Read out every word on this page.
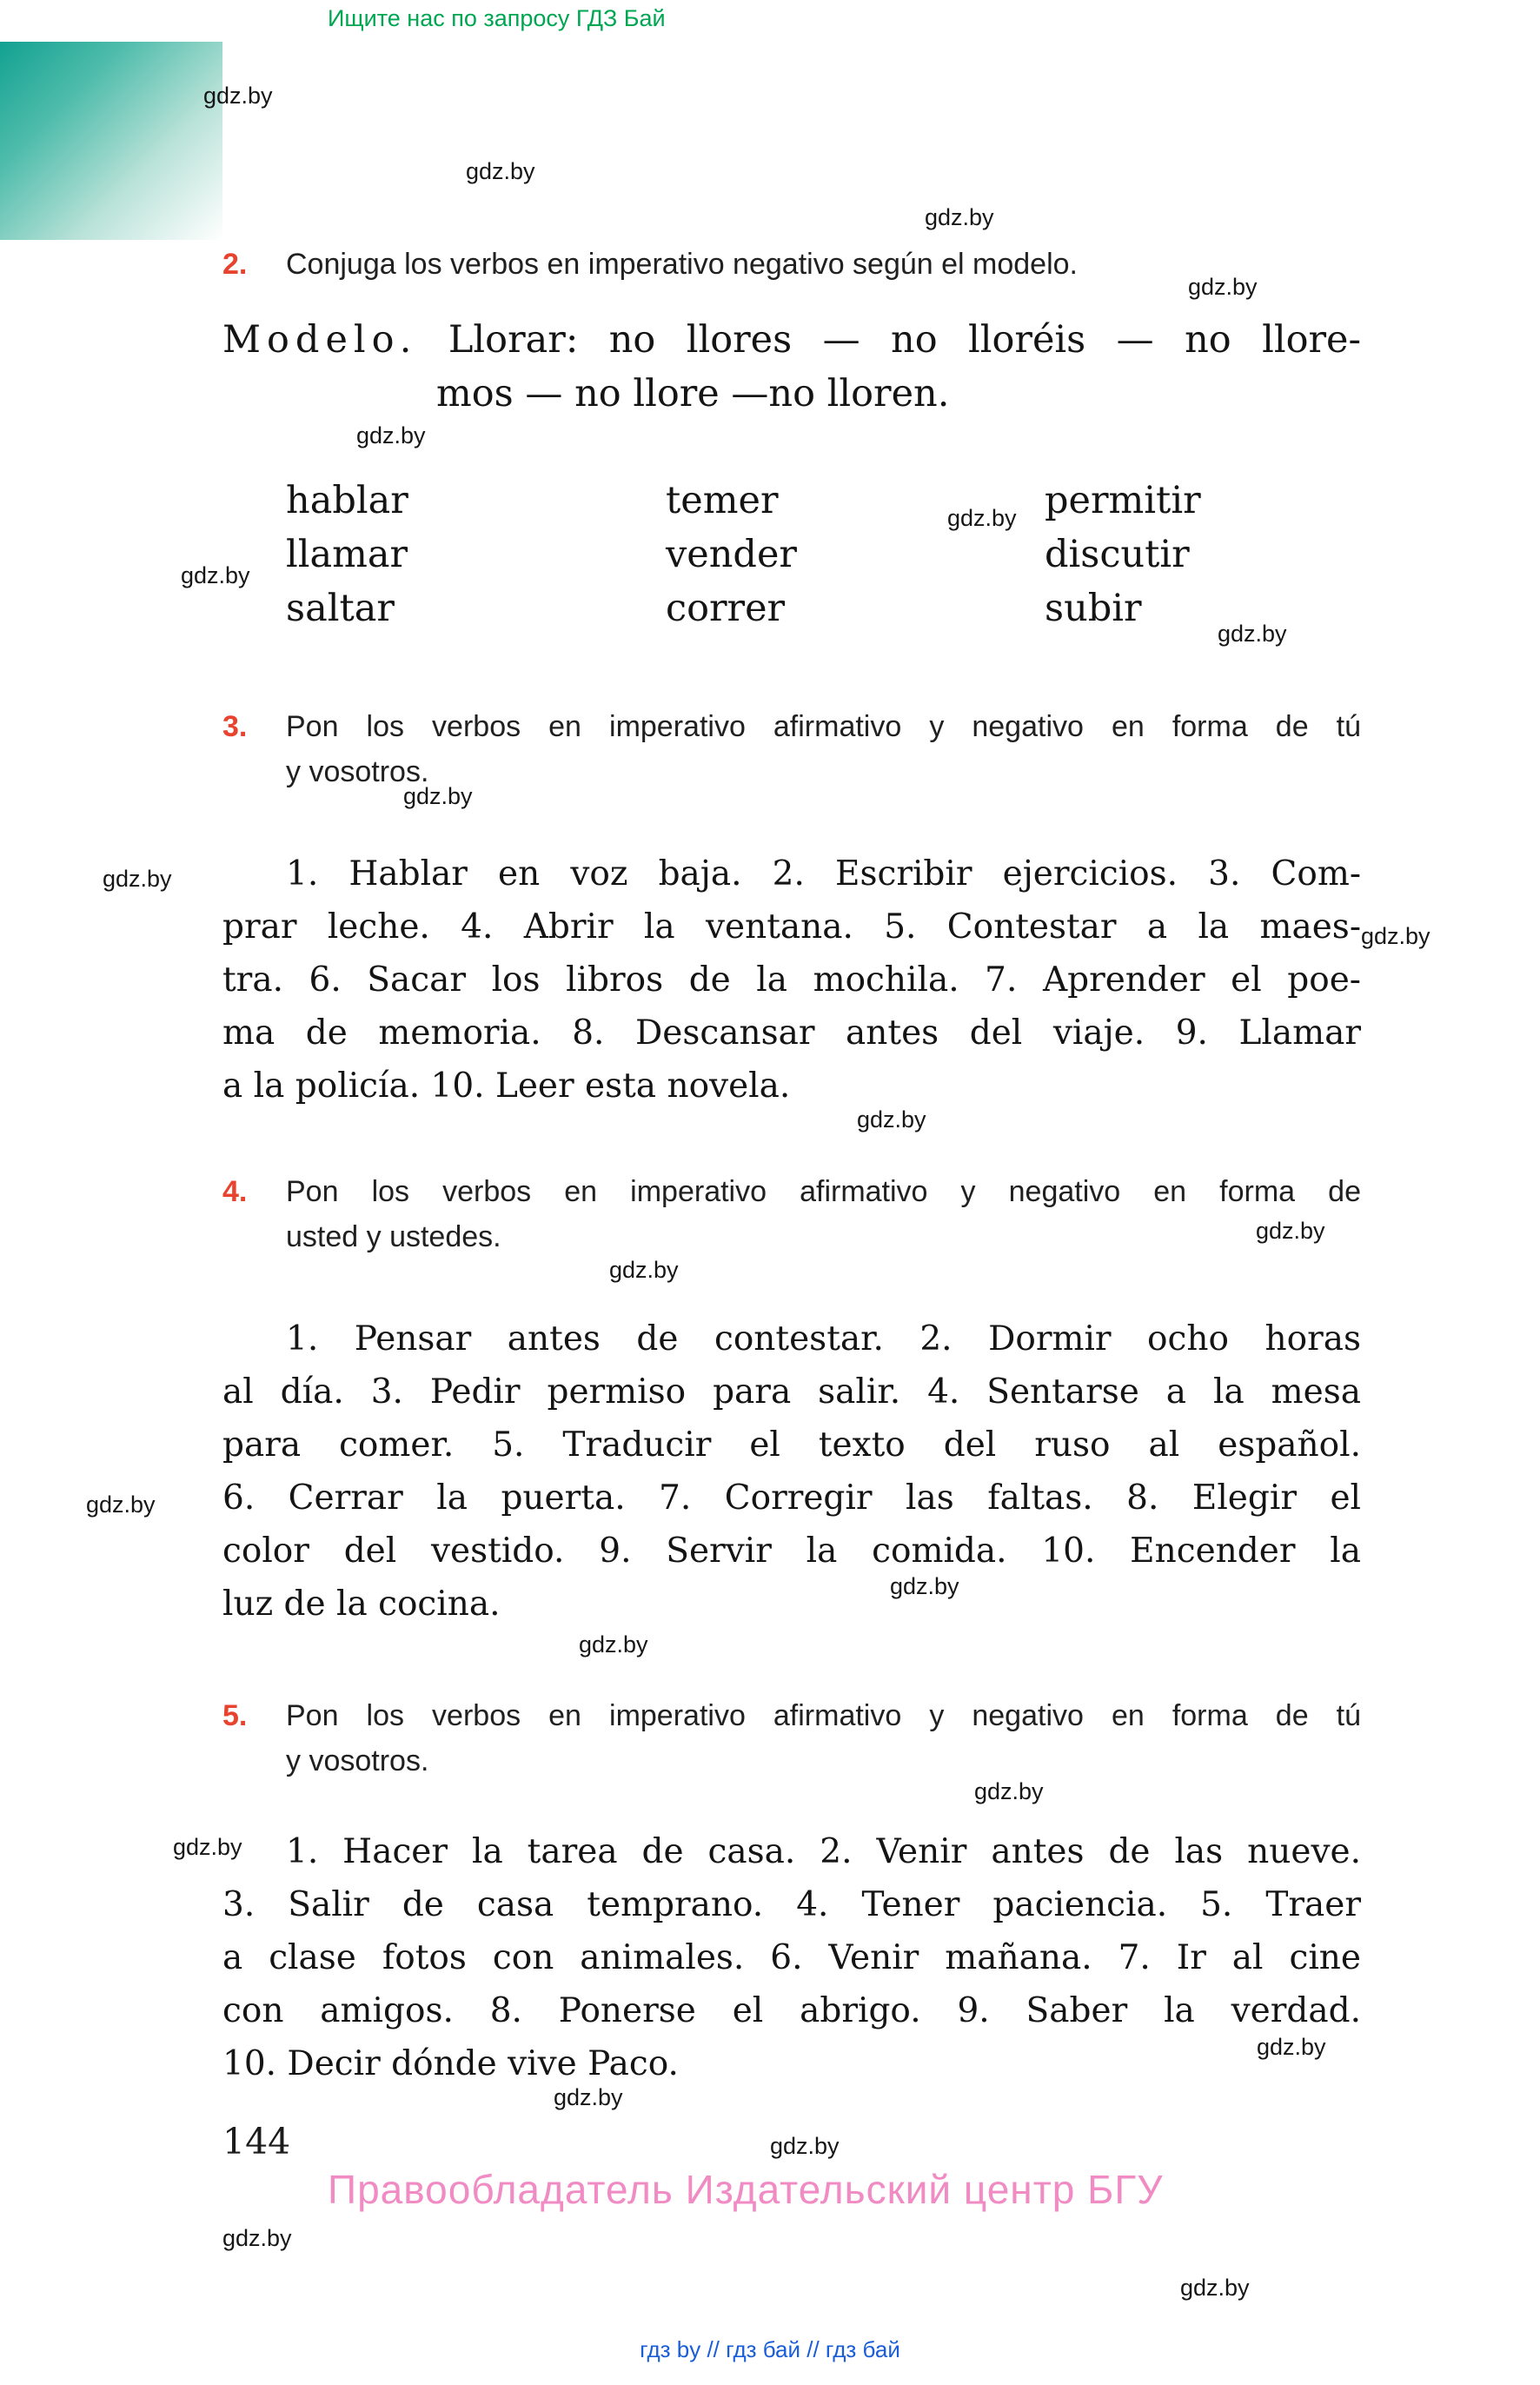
Ищите нас по запросу ГДЗ Бай
gdz.by
gdz.by
gdz.by
gdz.by
gdz.by
gdz.by
gdz.by
gdz.by
gdz.by
gdz.by
gdz.by
gdz.by
gdz.by
gdz.by
gdz.by
gdz.by
gdz.by
gdz.by
gdz.by
gdz.by
gdz.by
gdz.by
gdz.by
gdz.by
2. Conjuga los verbos en imperativo negativo según el modelo.
Modelo. Llorar: no llores — no lloréis — no llore-
mos — no llore —no lloren.
hablar
llamar
saltar
temer
vender
correr
permitir
discutir
subir
3. Pon los verbos en imperativo afirmativo y negativo en forma de tú
y vosotros.
1. Hablar en voz baja. 2. Escribir ejercicios. 3. Com-
prar leche. 4. Abrir la ventana. 5. Contestar a la maes-
tra. 6. Sacar los libros de la mochila. 7. Aprender el poe-
ma de memoria. 8. Descansar antes del viaje. 9. Llamar
a la policía. 10. Leer esta novela.
4. Pon los verbos en imperativo afirmativo y negativo en forma de
usted y ustedes.
1. Pensar antes de contestar. 2. Dormir ocho horas
al día. 3. Pedir permiso para salir. 4. Sentarse a la mesa
para comer. 5. Traducir el texto del ruso al español.
6. Cerrar la puerta. 7. Corregir las faltas. 8. Elegir el
color del vestido. 9. Servir la comida. 10. Encender la
luz de la cocina.
5. Pon los verbos en imperativo afirmativo y negativo en forma de tú
y vosotros.
1. Hacer la tarea de casa. 2. Venir antes de las nueve.
3. Salir de casa temprano. 4. Tener paciencia. 5. Traer
a clase fotos con animales. 6. Venir mañana. 7. Ir al cine
con amigos. 8. Ponerse el abrigo. 9. Saber la verdad.
10. Decir dónde vive Paco.
144
Правообладатель Издательский центр БГУ
гдз by // гдз бай // гдз бай
